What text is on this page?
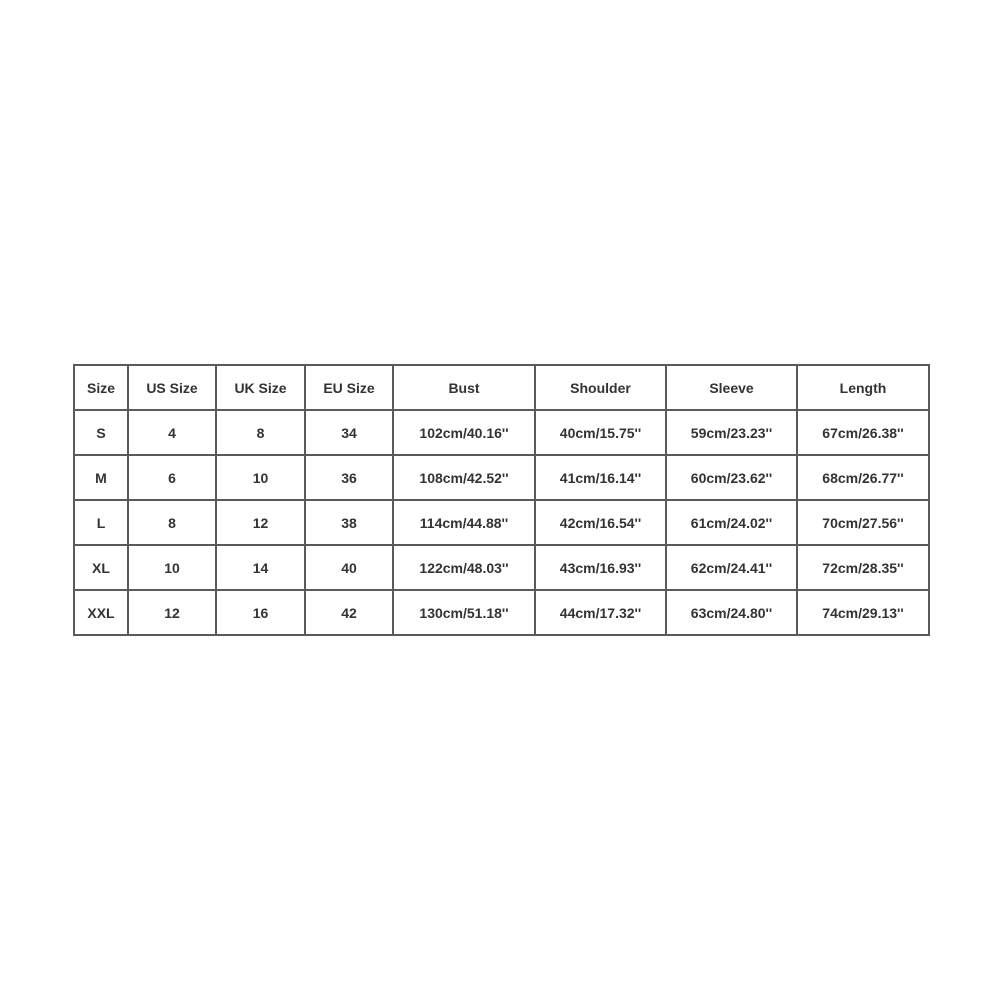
Size	US Size	UK Size	EU Size	Bust	Shoulder	Sleeve	Length
S	4	8	34	102cm/40.16''	40cm/15.75''	59cm/23.23''	67cm/26.38''
M	6	10	36	108cm/42.52''	41cm/16.14''	60cm/23.62''	68cm/26.77''
L	8	12	38	114cm/44.88''	42cm/16.54''	61cm/24.02''	70cm/27.56''
XL	10	14	40	122cm/48.03''	43cm/16.93''	62cm/24.41''	72cm/28.35''
XXL	12	16	42	130cm/51.18''	44cm/17.32''	63cm/24.80''	74cm/29.13''
